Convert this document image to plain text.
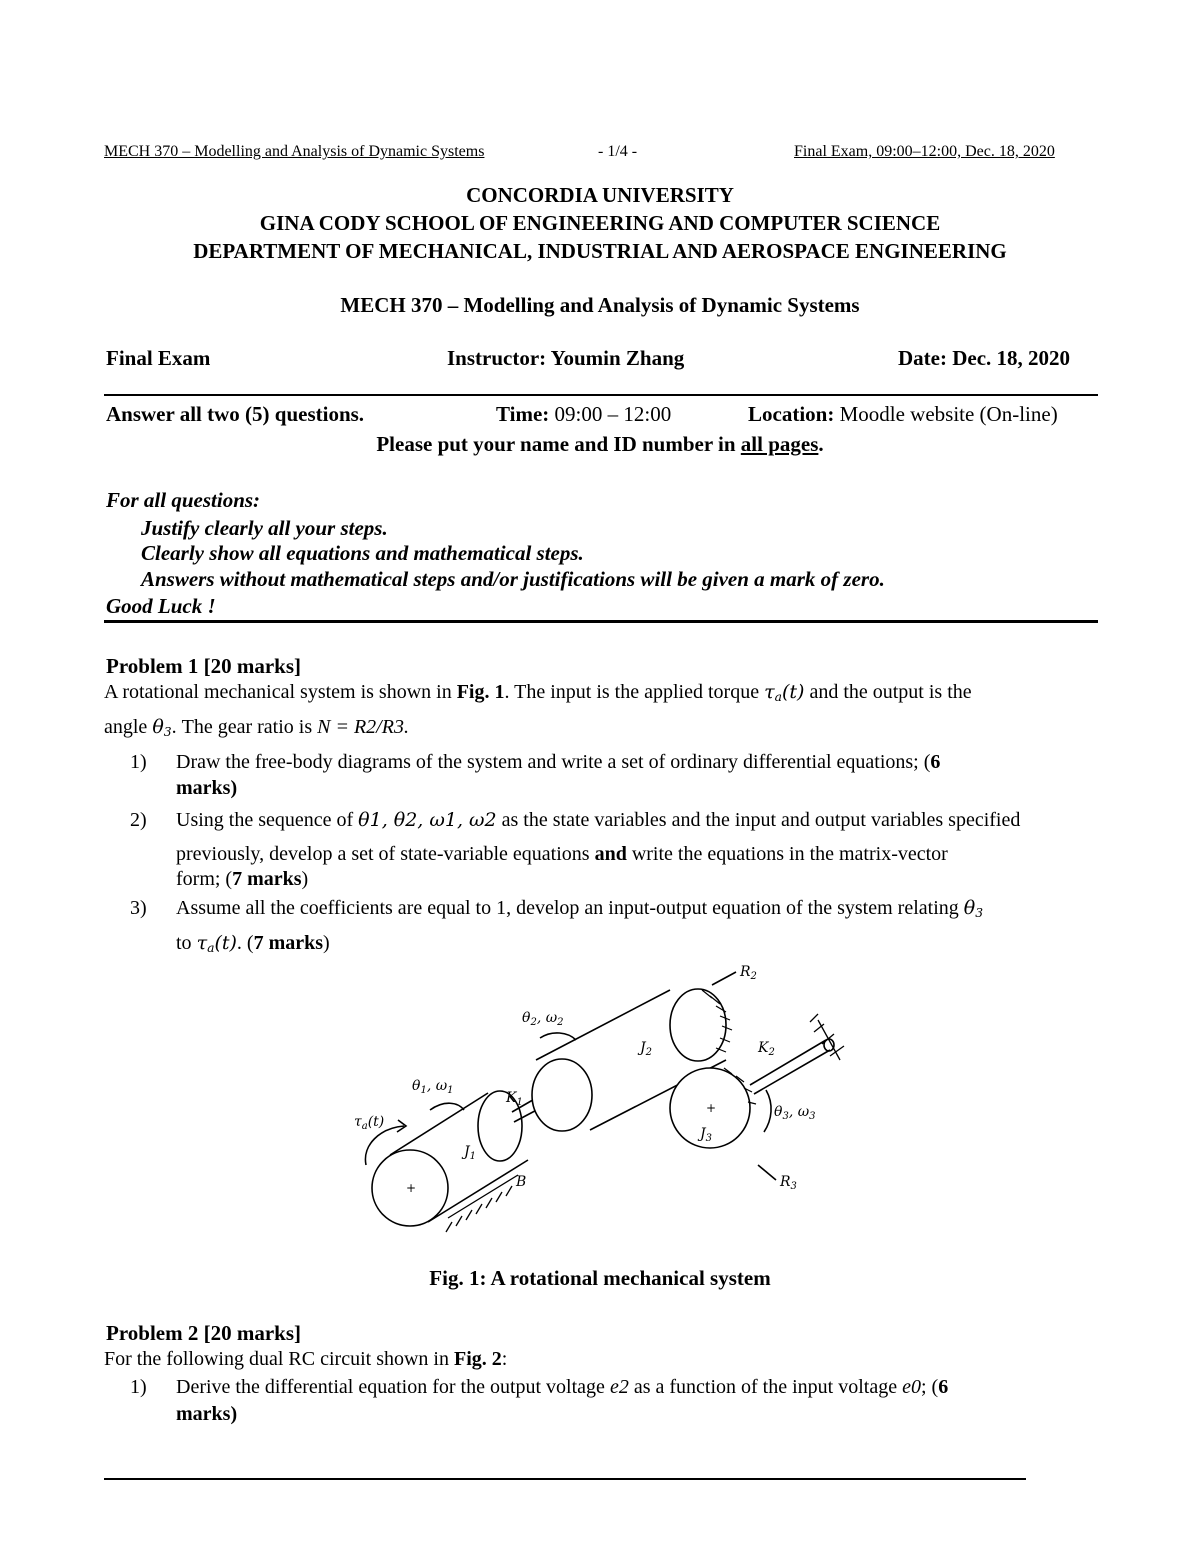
MECH 370 – Modelling and Analysis of Dynamic Systems	- 1/4 -	Final Exam, 09:00–12:00, Dec. 18, 2020
CONCORDIA UNIVERSITY
GINA CODY SCHOOL OF ENGINEERING AND COMPUTER SCIENCE
DEPARTMENT OF MECHANICAL, INDUSTRIAL AND AEROSPACE ENGINEERING
MECH 370 – Modelling and Analysis of Dynamic Systems
Final Exam	Instructor: Youmin Zhang	Date: Dec. 18, 2020
Answer all two (5) questions.	Time: 09:00 – 12:00	Location: Moodle website (On-line)
Please put your name and ID number in all pages.
For all questions:
Justify clearly all your steps.
Clearly show all equations and mathematical steps.
Answers without mathematical steps and/or justifications will be given a mark of zero.
Good Luck !
Problem 1 [20 marks]
A rotational mechanical system is shown in Fig. 1. The input is the applied torque $\tau_a(t)$ and the output is the
angle $\theta_3$. The gear ratio is N = R2/R3.
1) Draw the free-body diagrams of the system and write a set of ordinary differential equations; (6
marks)
2) Using the sequence of θ1, θ2, ω1, ω2 as the state variables and the input and output variables specified
previously, develop a set of state-variable equations and write the equations in the matrix-vector
form; (7 marks)
3) Assume all the coefficients are equal to 1, develop an input-output equation of the system relating $\theta_3$
to $\tau_a(t)$. (7 marks)
+
+
$\tau_a(t)$
$\theta_1$, $\omega_1$
$\theta_2$, $\omega_2$
$\theta_3$, $\omega_3$
$J_1$
$J_2$
$J_3$
$K_1$
$K_2$
B
$R_2$
$R_3$
Fig. 1: A rotational mechanical system
Problem 2 [20 marks]
For the following dual RC circuit shown in Fig. 2:
1) Derive the differential equation for the output voltage e2 as a function of the input voltage e0; (6
marks)
